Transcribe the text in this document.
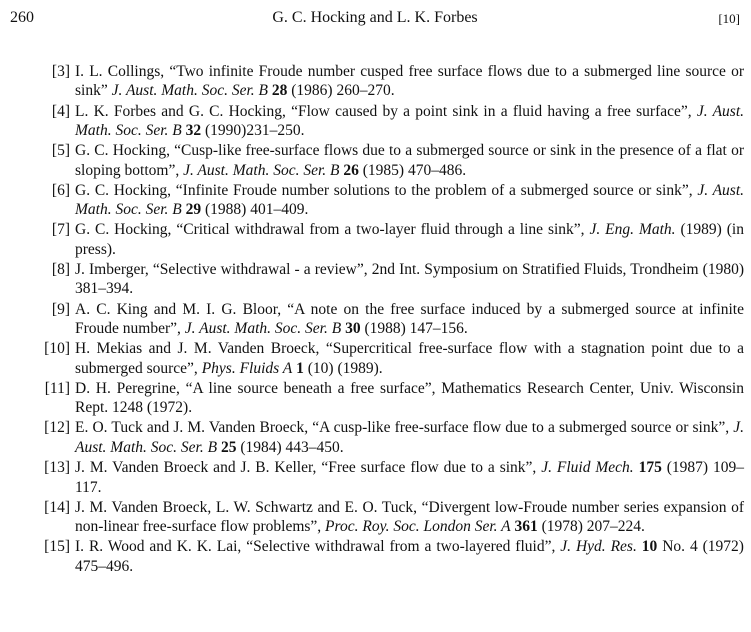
260	G. C. Hocking and L. K. Forbes	[10]
[3] I. L. Collings, “Two infinite Froude number cusped free surface flows due to a submerged line source or sink” J. Aust. Math. Soc. Ser. B 28 (1986) 260–270.
[4] L. K. Forbes and G. C. Hocking, “Flow caused by a point sink in a fluid having a free surface”, J. Aust. Math. Soc. Ser. B 32 (1990)231–250.
[5] G. C. Hocking, “Cusp-like free-surface flows due to a submerged source or sink in the presence of a flat or sloping bottom”, J. Aust. Math. Soc. Ser. B 26 (1985) 470–486.
[6] G. C. Hocking, “Infinite Froude number solutions to the problem of a submerged source or sink”, J. Aust. Math. Soc. Ser. B 29 (1988) 401–409.
[7] G. C. Hocking, “Critical withdrawal from a two-layer fluid through a line sink”, J. Eng. Math. (1989) (in press).
[8] J. Imberger, “Selective withdrawal - a review”, 2nd Int. Symposium on Stratified Fluids, Trondheim (1980) 381–394.
[9] A. C. King and M. I. G. Bloor, “A note on the free surface induced by a submerged source at infinite Froude number”, J. Aust. Math. Soc. Ser. B 30 (1988) 147–156.
[10] H. Mekias and J. M. Vanden Broeck, “Supercritical free-surface flow with a stagnation point due to a submerged source”, Phys. Fluids A 1 (10) (1989).
[11] D. H. Peregrine, “A line source beneath a free surface”, Mathematics Research Center, Univ. Wisconsin Rept. 1248 (1972).
[12] E. O. Tuck and J. M. Vanden Broeck, “A cusp-like free-surface flow due to a submerged source or sink”, J. Aust. Math. Soc. Ser. B 25 (1984) 443–450.
[13] J. M. Vanden Broeck and J. B. Keller, “Free surface flow due to a sink”, J. Fluid Mech. 175 (1987) 109–117.
[14] J. M. Vanden Broeck, L. W. Schwartz and E. O. Tuck, “Divergent low-Froude number series expansion of non-linear free-surface flow problems”, Proc. Roy. Soc. London Ser. A 361 (1978) 207–224.
[15] I. R. Wood and K. K. Lai, “Selective withdrawal from a two-layered fluid”, J. Hyd. Res. 10 No. 4 (1972) 475–496.
